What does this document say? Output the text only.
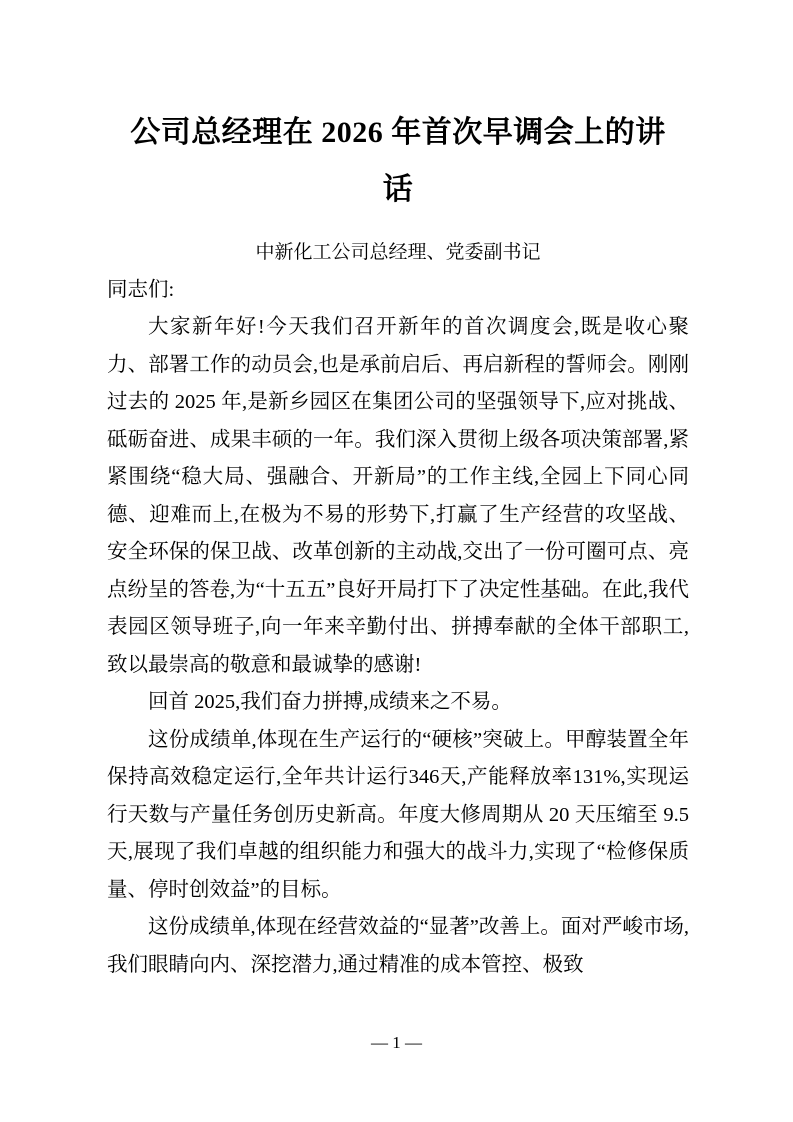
公司总经理在 2026 年首次早调会上的讲话
中新化工公司总经理、党委副书记
同志们:

大家新年好!今天我们召开新年的首次调度会,既是收心聚力、部署工作的动员会,也是承前启后、再启新程的誓师会。刚刚过去的 2025 年,是新乡园区在集团公司的坚强领导下,应对挑战、砥砺奋进、成果丰硕的一年。我们深入贯彻上级各项决策部署,紧紧围绕“稳大局、强融合、开新局”的工作主线,全园上下同心同德、迎难而上,在极为不易的形势下,打赢了生产经营的攻坚战、安全环保的保卫战、改革创新的主动战,交出了一份可圈可点、亮点纷呈的答卷,为“十五五”良好开局打下了决定性基础。在此,我代表园区领导班子,向一年来辛勤付出、拼搏奉献的全体干部职工,致以最崇高的敬意和最诚挚的感谢!

回首 2025,我们奋力拼搏,成绩来之不易。

这份成绩单,体现在生产运行的“硬核”突破上。甲醇装置全年保持高效稳定运行,全年共计运行346天,产能释放率131%,实现运行天数与产量任务创历史新高。年度大修周期从 20 天压缩至 9.5 天,展现了我们卓越的组织能力和强大的战斗力,实现了“检修保质量、停时创效益”的目标。

这份成绩单,体现在经营效益的“显著”改善上。面对严峻市场,我们眼睛向内、深挖潜力,通过精准的成本管控、极致

— 1 —
